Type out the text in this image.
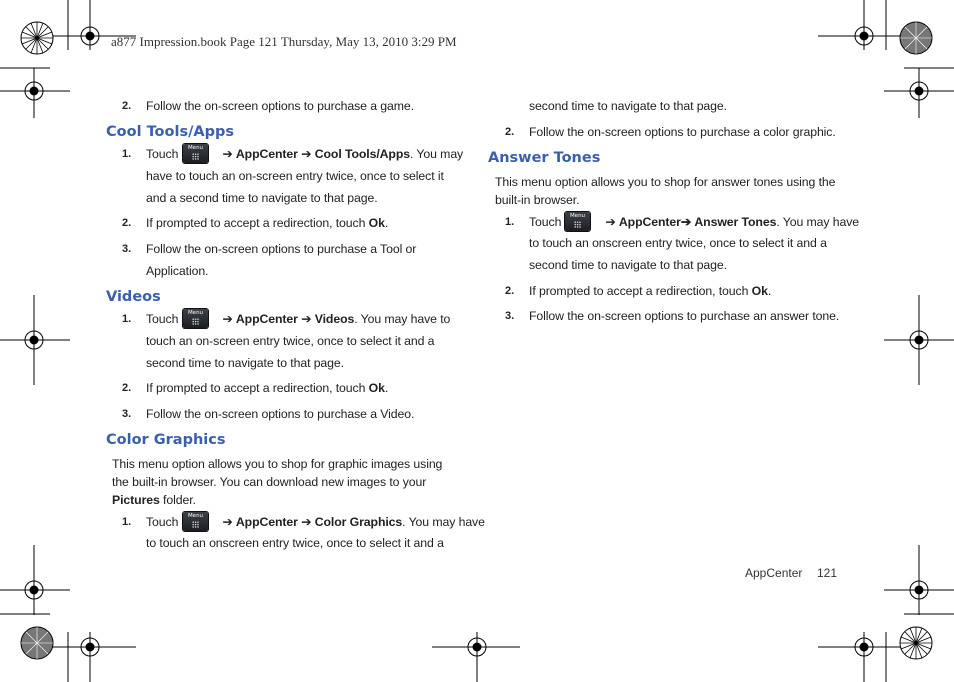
a877 Impression.book Page 121 Thursday, May 13, 2010 3:29 PM
2. Follow the on-screen options to purchase a game.
Cool Tools/Apps
1. Touch	➔ AppCenter ➔ Cool Tools/Apps. You may
Menu
have to touch an on-screen entry twice, once to select it
and a second time to navigate to that page.
2. If prompted to accept a redirection, touch Ok.
3. Follow the on-screen options to purchase a Tool or
Application.
Videos
1. Touch	➔ AppCenter ➔ Videos. You may have to
Menu
touch an on-screen entry twice, once to select it and a
second time to navigate to that page.
2. If prompted to accept a redirection, touch Ok.
3. Follow the on-screen options to purchase a Video.
Color Graphics
This menu option allows you to shop for graphic images using
the built-in browser. You can download new images to your
Pictures folder.
1. Touch	➔ AppCenter ➔ Color Graphics. You may have
Menu
to touch an onscreen entry twice, once to select it and a
second time to navigate to that page.
2. Follow the on-screen options to purchase a color graphic.
Answer Tones
This menu option allows you to shop for answer tones using the
built-in browser.
1. Touch	➔ AppCenter➔ Answer Tones. You may have
Menu
to touch an onscreen entry twice, once to select it and a
second time to navigate to that page.
2. If prompted to accept a redirection, touch Ok.
3. Follow the on-screen options to purchase an answer tone.
AppCenter 121
